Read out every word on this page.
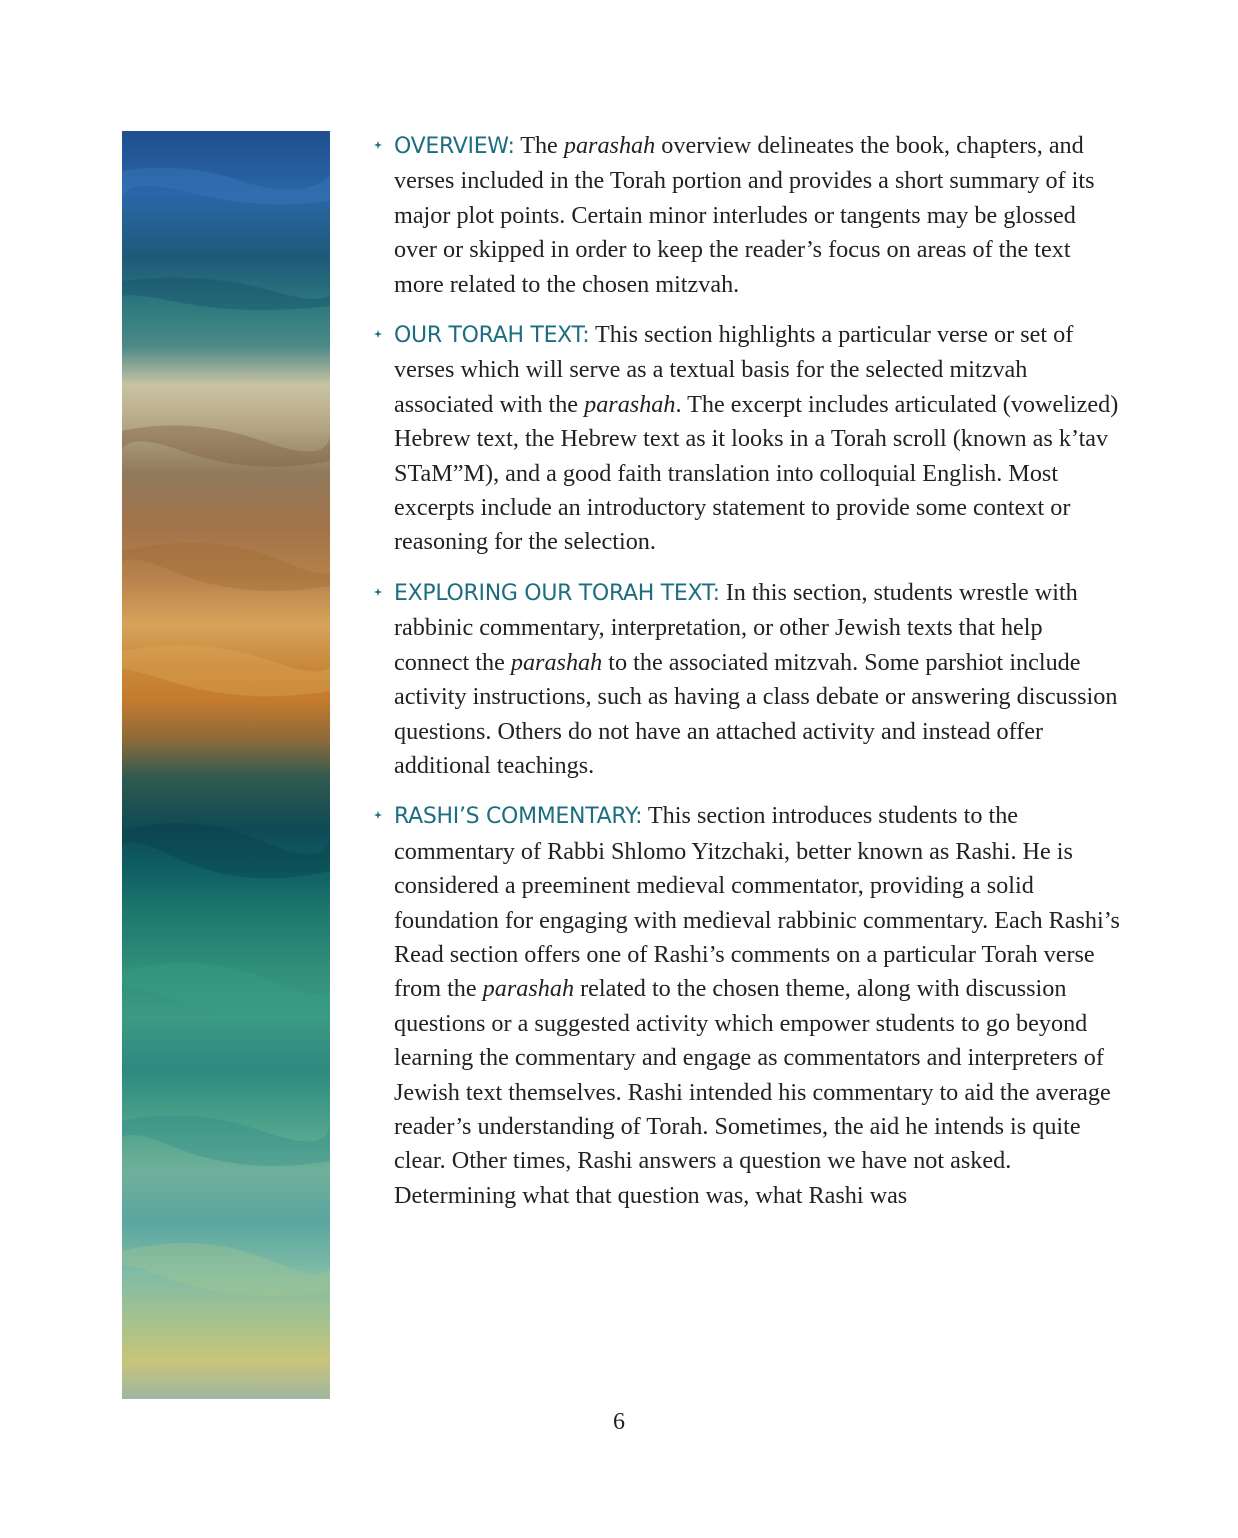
OVERVIEW: The parashah overview delineates the book, chapters, and verses included in the Torah portion and provides a short summary of its major plot points. Certain minor interludes or tangents may be glossed over or skipped in order to keep the reader’s focus on areas of the text more related to the chosen mitzvah.
OUR TORAH TEXT: This section highlights a particular verse or set of verses which will serve as a textual basis for the selected mitzvah associated with the parashah. The excerpt includes articulated (vowelized) Hebrew text, the Hebrew text as it looks in a Torah scroll (known as k’tav STaM”M), and a good faith translation into colloquial English. Most excerpts include an introductory statement to provide some context or reasoning for the selection.
EXPLORING OUR TORAH TEXT: In this section, students wrestle with rabbinic commentary, interpretation, or other Jewish texts that help connect the parashah to the associated mitzvah. Some parshiot include activity instructions, such as having a class debate or answering discussion questions. Others do not have an attached activity and instead offer additional teachings.
RASHI’S COMMENTARY: This section introduces students to the commentary of Rabbi Shlomo Yitzchaki, better known as Rashi. He is considered a preeminent medieval commentator, providing a solid foundation for engaging with medieval rabbinic commentary. Each Rashi’s Read section offers one of Rashi’s comments on a particular Torah verse from the parashah related to the chosen theme, along with discussion questions or a suggested activity which empower students to go beyond learning the commentary and engage as commentators and interpreters of Jewish text themselves. Rashi intended his commentary to aid the average reader’s understanding of Torah. Sometimes, the aid he intends is quite clear. Other times, Rashi answers a question we have not asked. Determining what that question was, what Rashi was
6
